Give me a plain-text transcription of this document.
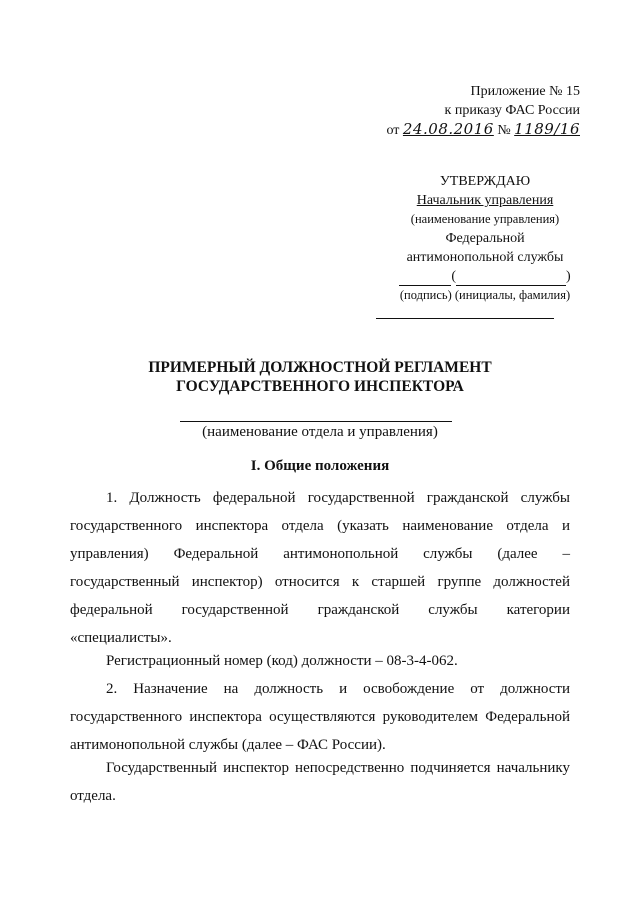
Приложение № 15
к приказу ФАС России
от 24.08.2016 № 1189/16
УТВЕРЖДАЮ
Начальник управления
(наименование управления)
Федеральной
антимонопольной службы
(	)
(подпись) (инициалы, фамилия)
ПРИМЕРНЫЙ ДОЛЖНОСТНОЙ РЕГЛАМЕНТ
ГОСУДАРСТВЕННОГО ИНСПЕКТОРА
(наименование отдела и управления)
I. Общие положения

1. Должность федеральной государственной гражданской службы государственного инспектора отдела (указать наименование отдела и управления) Федеральной антимонопольной службы (далее – государственный инспектор) относится к старшей группе должностей федеральной государственной гражданской службы категории «специалисты».

Регистрационный номер (код) должности – 08-3-4-062.

2. Назначение на должность и освобождение от должности государственного инспектора осуществляются руководителем Федеральной антимонопольной службы (далее – ФАС России).

Государственный инспектор непосредственно подчиняется начальнику отдела.
